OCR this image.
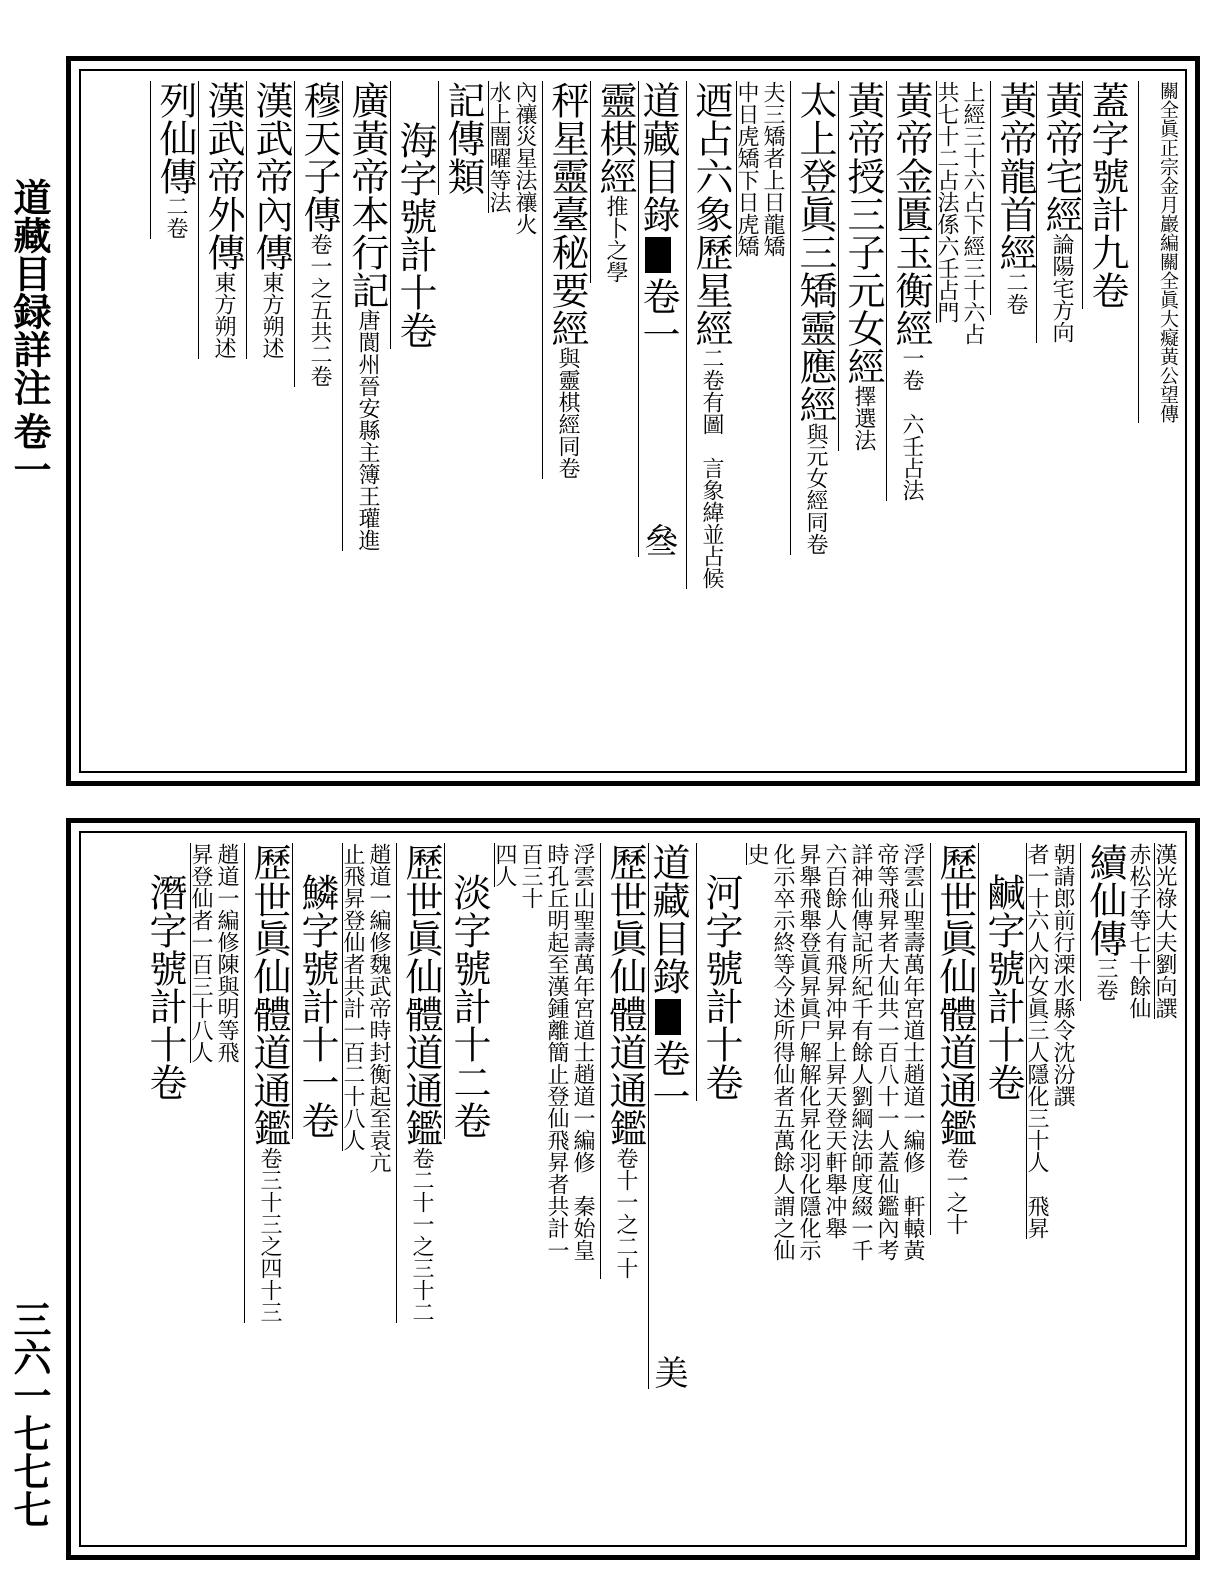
道藏目録詳注
卷一
三六一七七七
關全眞正宗金月巖編關全眞大癡黃公望傳
蓋字號計九卷
黃帝宅經論陽宅方向
黃帝龍首經二卷
上經三十六占下經三十六占
共七十二占法係六壬占門
黃帝金匱玉衡經一卷　六壬占法
黃帝授三子元女經擇選法
太上登眞三矯靈應經與元女經同卷
夫三矯者上日龍矯
中日虎矯下日虎矯
迺占六象歷星經二卷有圖　言象緯並占候
道藏目錄卷一叄
靈棋經推卜之學
秤星靈臺秘要經與靈棋經同卷
內禳災星法禳火
水上闇曜等法
記傳類
海字號計十卷
廣黃帝本行記唐閬州晉安縣主簿王瓘進
穆天子傳卷一之五共二卷
漢武帝內傳東方朔述
漢武帝外傳東方朔述
列仙傳二卷
漢光祿大夫劉向譔
赤松子等七十餘仙
續仙傳三卷
朝請郎前行溧水縣令沈汾譔
者一十六人內女眞三人隱化三十人　飛昇
鹹字號計十卷
歷世眞仙體道通鑑卷一之十
浮雲山聖壽萬年宮道士趙道一編修　軒轅黃
帝等飛昇者大仙共一百八十一人蓋仙鑑內考
詳神仙傳記所紀千有餘人劉綱法師度綴一千
六百餘人有飛昇冲昇上昇天登天軒舉冲舉
昇舉飛舉登眞昇眞尸解解化昇化羽化隱化示
化示卒示終等今述所得仙者五萬餘人謂之仙
史
河字號計十卷
道藏目錄卷一美
歷世眞仙體道通鑑卷十一之二十
浮雲山聖壽萬年宮道士趙道一編修　秦始皇
時孔丘明起至漢鍾離簡止登仙飛昇者共計一
百三十
四人
淡字號計十二卷
歷世眞仙體道通鑑卷二十一之三十二
趙道一編修魏武帝時封衡起至袁亢
止飛昇登仙者共計一百二十八人
鱗字號計十一卷
歷世眞仙體道通鑑卷三十三之四十三
趙道一編修陳與明等飛
昇登仙者一百三十八人
潛字號計十卷
